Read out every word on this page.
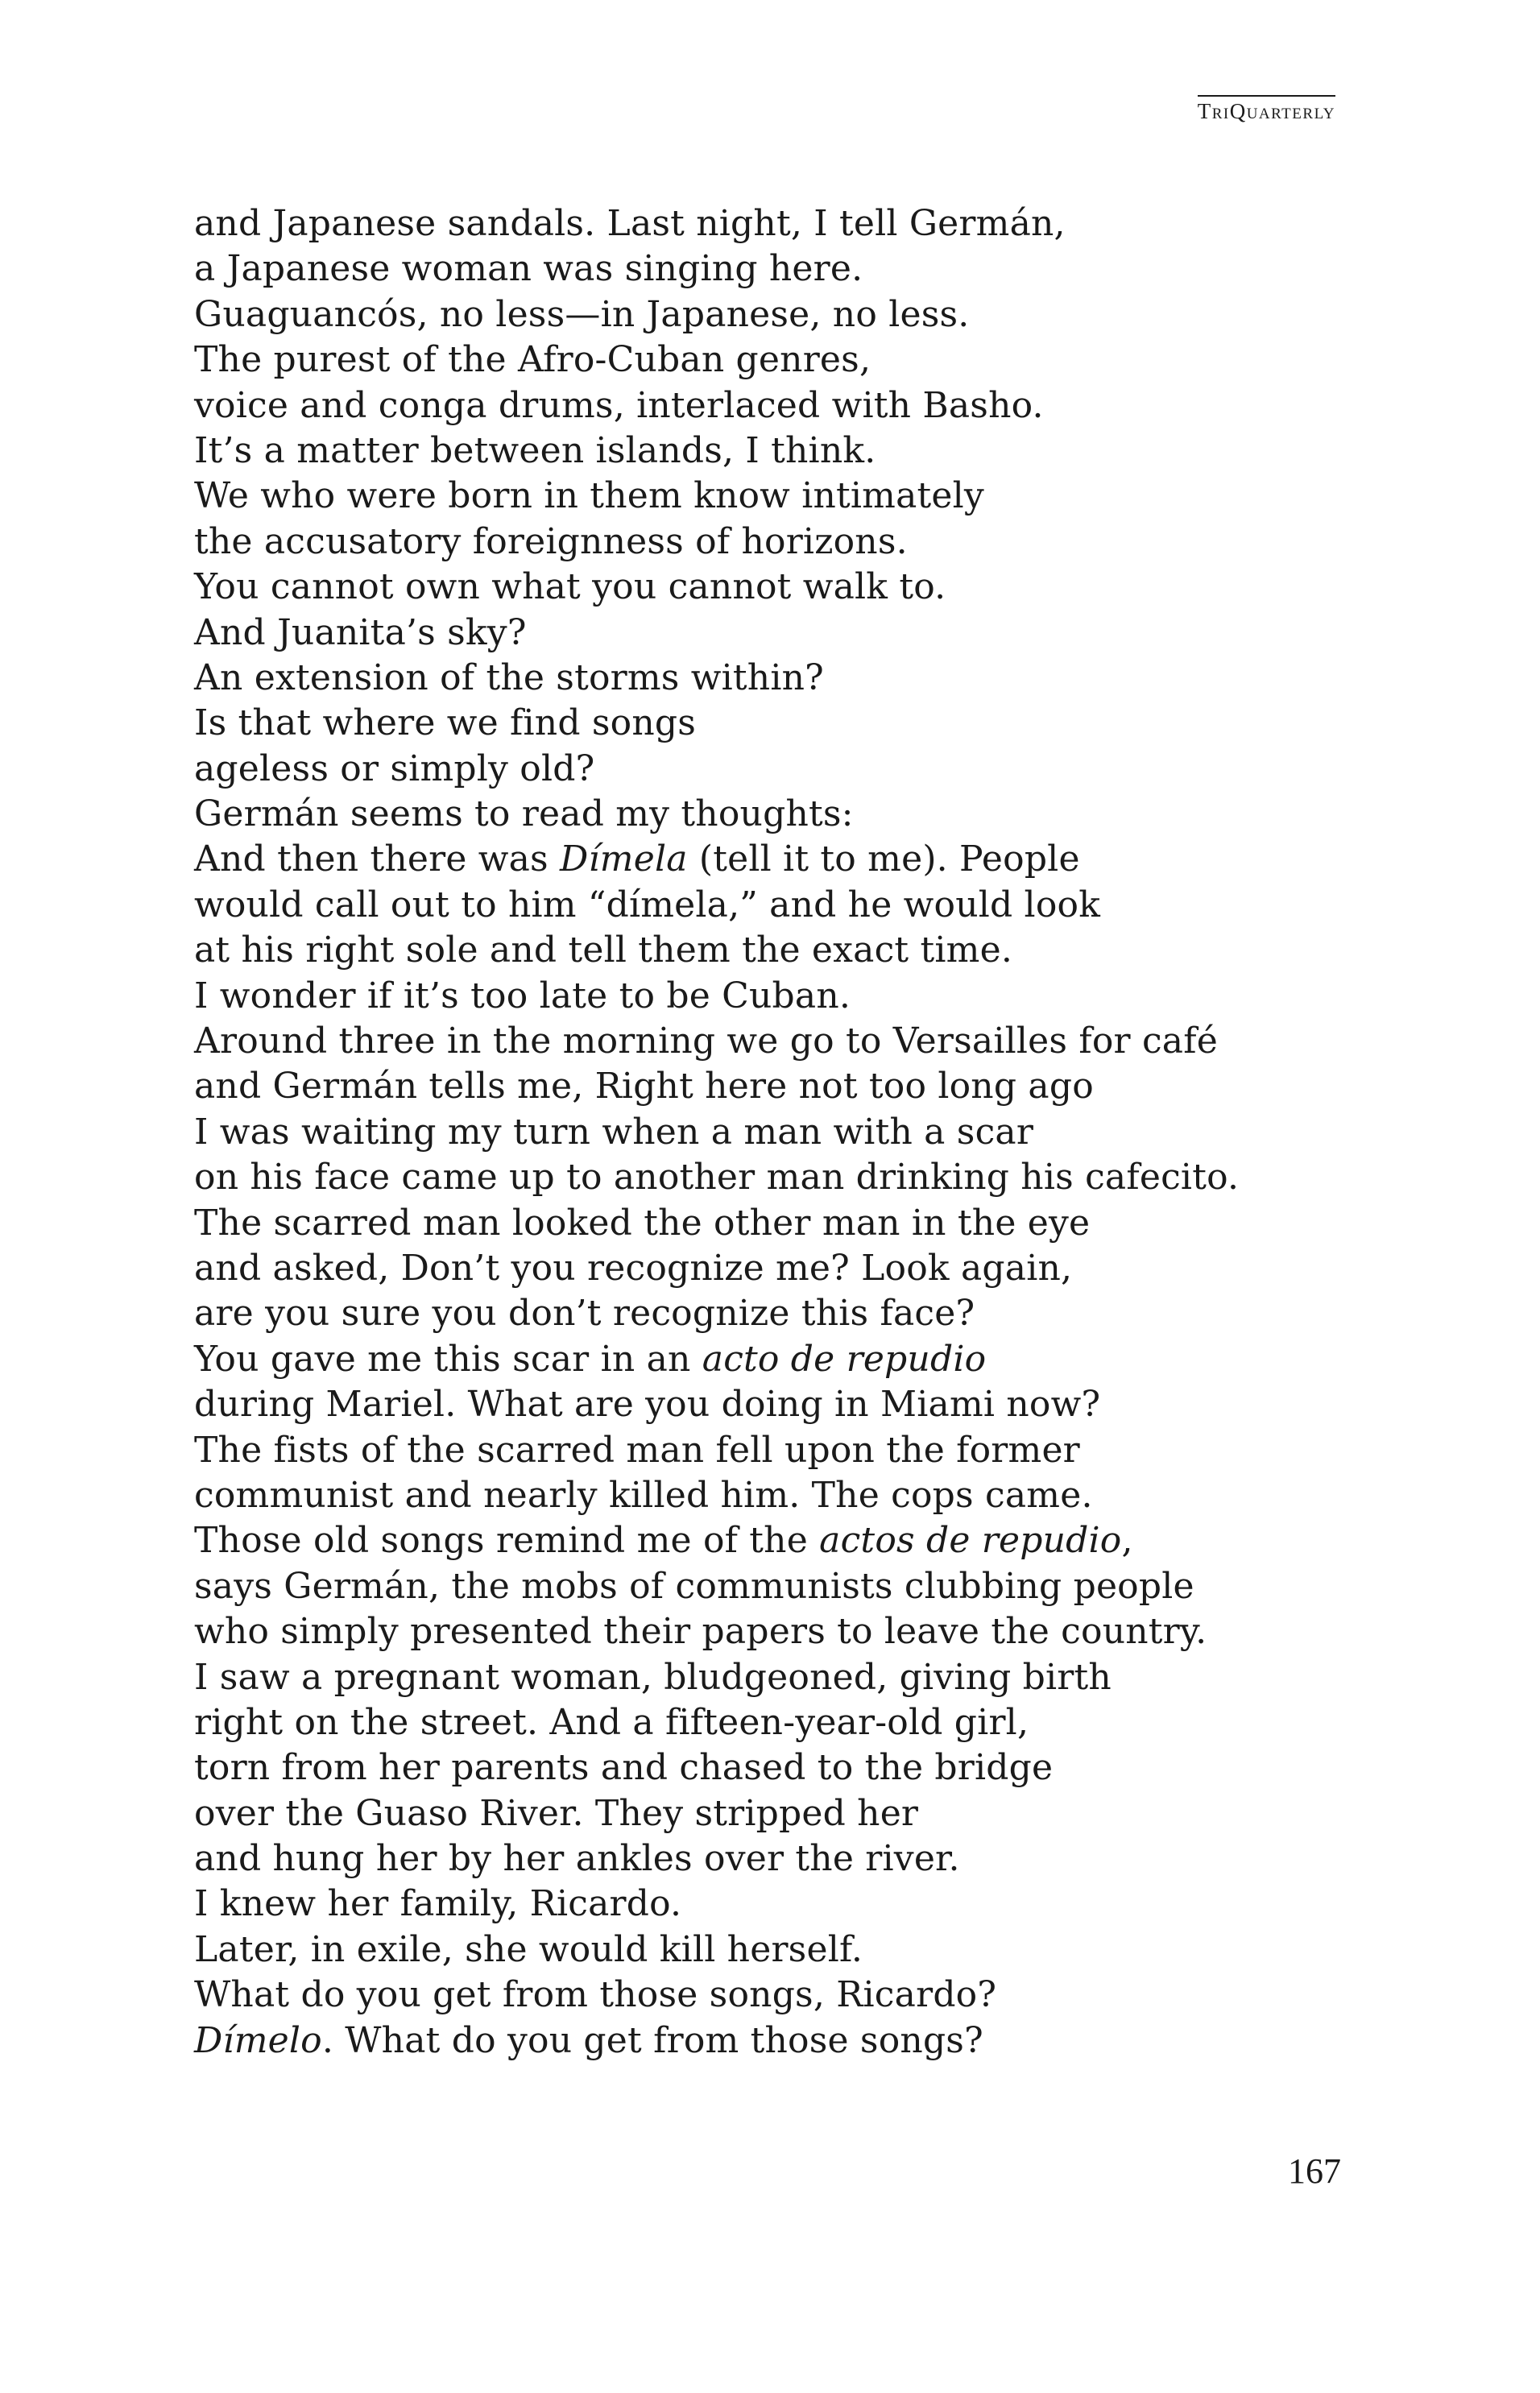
TriQuarterly
and Japanese sandals. Last night, I tell Germán,
a Japanese woman was singing here.
Guaguancós, no less—in Japanese, no less.
The purest of the Afro-Cuban genres,
voice and conga drums, interlaced with Basho.
It’s a matter between islands, I think.
We who were born in them know intimately
the accusatory foreignness of horizons.
You cannot own what you cannot walk to.
And Juanita’s sky?
An extension of the storms within?
Is that where we find songs
ageless or simply old?
Germán seems to read my thoughts:
And then there was Dímela (tell it to me). People
would call out to him “dímela,” and he would look
at his right sole and tell them the exact time.
I wonder if it’s too late to be Cuban.
Around three in the morning we go to Versailles for café
and Germán tells me, Right here not too long ago
I was waiting my turn when a man with a scar
on his face came up to another man drinking his cafecito.
The scarred man looked the other man in the eye
and asked, Don’t you recognize me? Look again,
are you sure you don’t recognize this face?
You gave me this scar in an acto de repudio
during Mariel. What are you doing in Miami now?
The fists of the scarred man fell upon the former
communist and nearly killed him. The cops came.
Those old songs remind me of the actos de repudio,
says Germán, the mobs of communists clubbing people
who simply presented their papers to leave the country.
I saw a pregnant woman, bludgeoned, giving birth
right on the street. And a fifteen-year-old girl,
torn from her parents and chased to the bridge
over the Guaso River. They stripped her
and hung her by her ankles over the river.
I knew her family, Ricardo.
Later, in exile, she would kill herself.
What do you get from those songs, Ricardo?
Dímelo. What do you get from those songs?
167
